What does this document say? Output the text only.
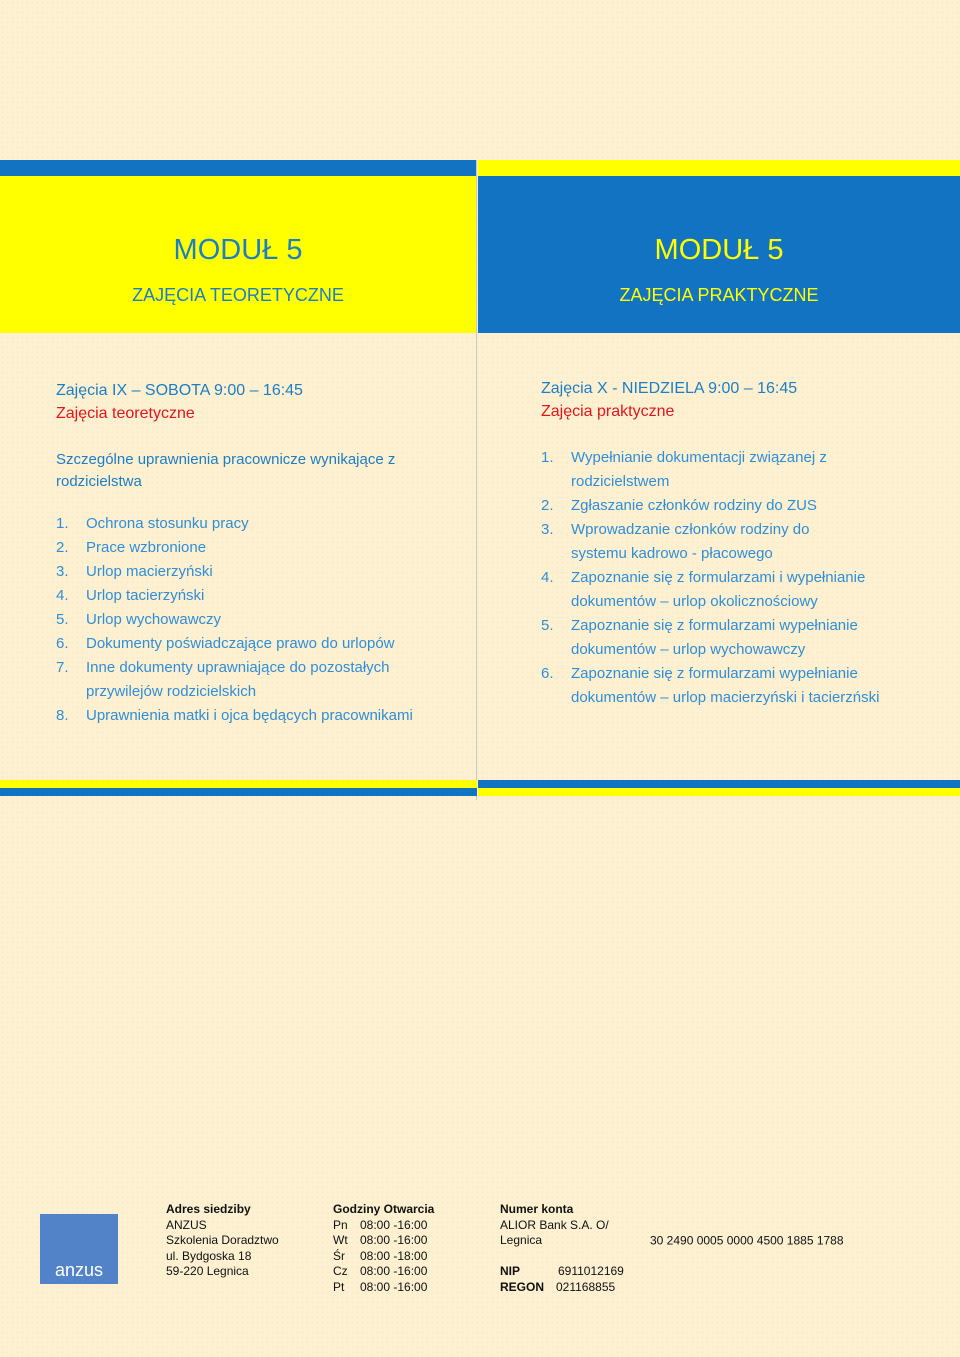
MODUŁ 5
ZAJĘCIA TEORETYCZNE
Zajęcia IX – SOBOTA 9:00 – 16:45
Zajęcia teoretyczne
Szczególne uprawnienia pracownicze wynikające z rodzicielstwa
1.	Ochrona stosunku pracy
2.	Prace wzbronione
3.	Urlop macierzyński
4.	Urlop tacierzyński
5.	Urlop wychowawczy
6.	Dokumenty poświadczające prawo do urlopów
7.	Inne dokumenty uprawniające do pozostałych przywilejów rodzicielskich
8.	Uprawnienia matki i ojca będących pracownikami
MODUŁ 5
ZAJĘCIA PRAKTYCZNE
Zajęcia X - NIEDZIELA 9:00 – 16:45
Zajęcia praktyczne
1.	Wypełnianie dokumentacji związanej z rodzicielstwem
2.	Zgłaszanie członków rodziny do ZUS
3.	Wprowadzanie członków rodziny do systemu kadrowo - płacowego
4.	Zapoznanie się z formularzami i wypełnianie dokumentów – urlop okolicznościowy
5.	Zapoznanie się z formularzami wypełnianie dokumentów – urlop wychowawczy
6.	Zapoznanie się z formularzami wypełnianie dokumentów – urlop macierzyński i tacierzński
anzus
Adres siedziby
ANZUS
Szkolenia Doradztwo
ul. Bydgoska 18
59-220 Legnica
Godziny Otwarcia
Pn 08:00 -16:00
Wt 08:00 -16:00
Śr 08:00 -18:00
Cz 08:00 -16:00
Pt 08:00 -16:00
Numer konta
ALIOR Bank S.A. O/ Legnica	30 2490 0005 0000 4500 1885 1788
NIP	6911012169
REGON 021168855
